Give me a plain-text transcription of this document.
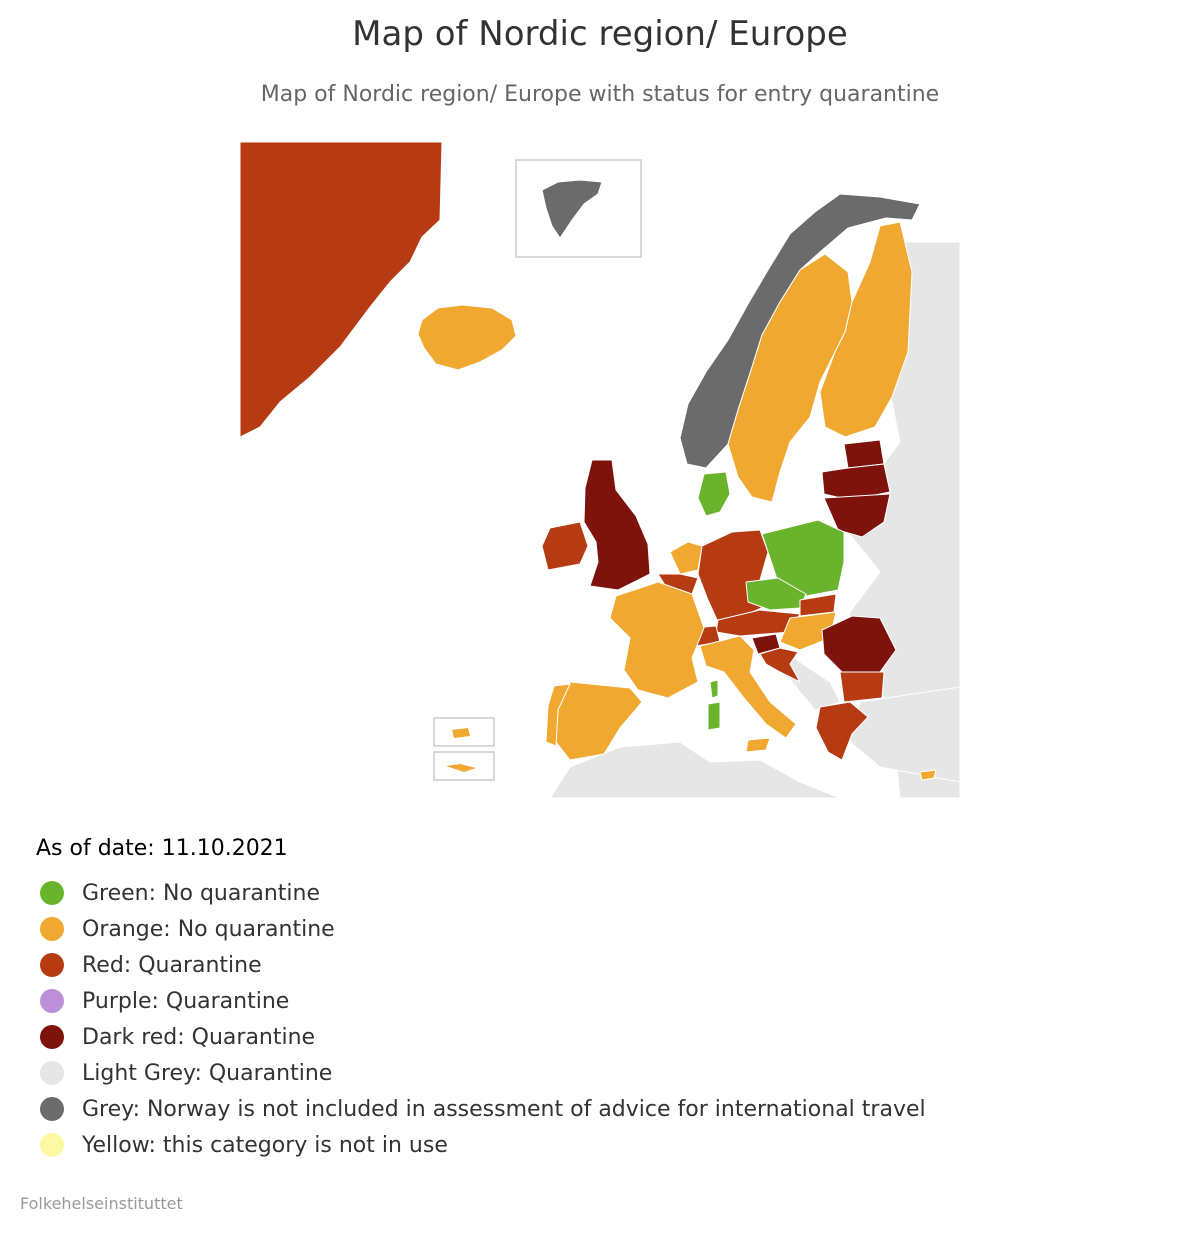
Map of Nordic region/ Europe
Map of Nordic region/ Europe with status for entry quarantine
As of date: 11.10.2021
Green: No quarantine
Orange: No quarantine
Red: Quarantine
Purple: Quarantine
Dark red: Quarantine
Light Grey: Quarantine
Grey: Norway is not included in assessment of advice for international travel
Yellow: this category is not in use
Folkehelseinstituttet
